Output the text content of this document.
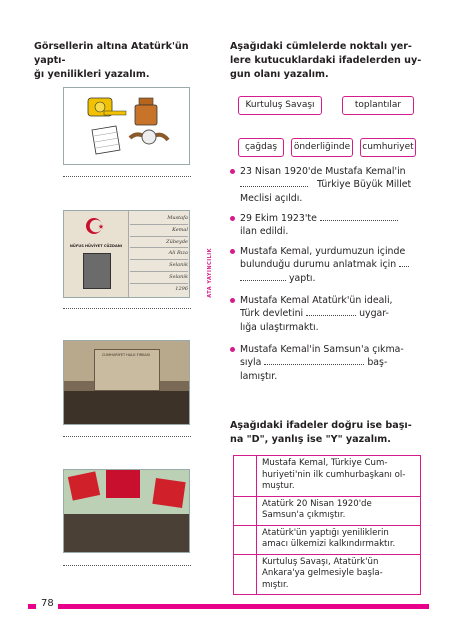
Görsellerin altına Atatürk'ün yaptı-
ğı yenilikleri yazalım.
NÜFUS HÜVİYET CÜZDANI
Mustafa
Kemal
Zübeyde
Ali Rıza
Selanik
Selanik
1296
CUMHURİYET HALK FIRKASI
ATA YAYINCILIK
Aşağıdaki cümlelerde noktalı yer-
lere kutucuklardaki ifadelerden uy-
gun olanı yazalım.
Kurtuluş Savaşı	toplantılar
çağdaş	önderliğinde	cumhuriyet
23 Nisan 1920'de Mustafa Kemal'in
Türkiye Büyük Millet
Meclisi açıldı.
29 Ekim 1923'te
ilan edildi.
Mustafa Kemal, yurdumuzun içinde
bulunduğu durumu anlatmak için
yaptı.
Mustafa Kemal Atatürk'ün ideali,
Türk devletini	uygar-
lığa ulaştırmaktı.
Mustafa Kemal'in Samsun'a çıkma-
sıyla	baş-
lamıştır.
Aşağıdaki ifadeler doğru ise başı-
na "D", yanlış ise "Y" yazalım.
Mustafa Kemal, Türkiye Cum-
huriyeti'nin ilk cumhurbaşkanı ol-
muştur.
Atatürk 20 Nisan 1920'de
Samsun'a çıkmıştır.
Atatürk'ün yaptığı yeniliklerin
amacı ülkemizi kalkındırmaktır.
Kurtuluş Savaşı, Atatürk'ün
Ankara'ya gelmesiyle başla-
mıştır.
78
